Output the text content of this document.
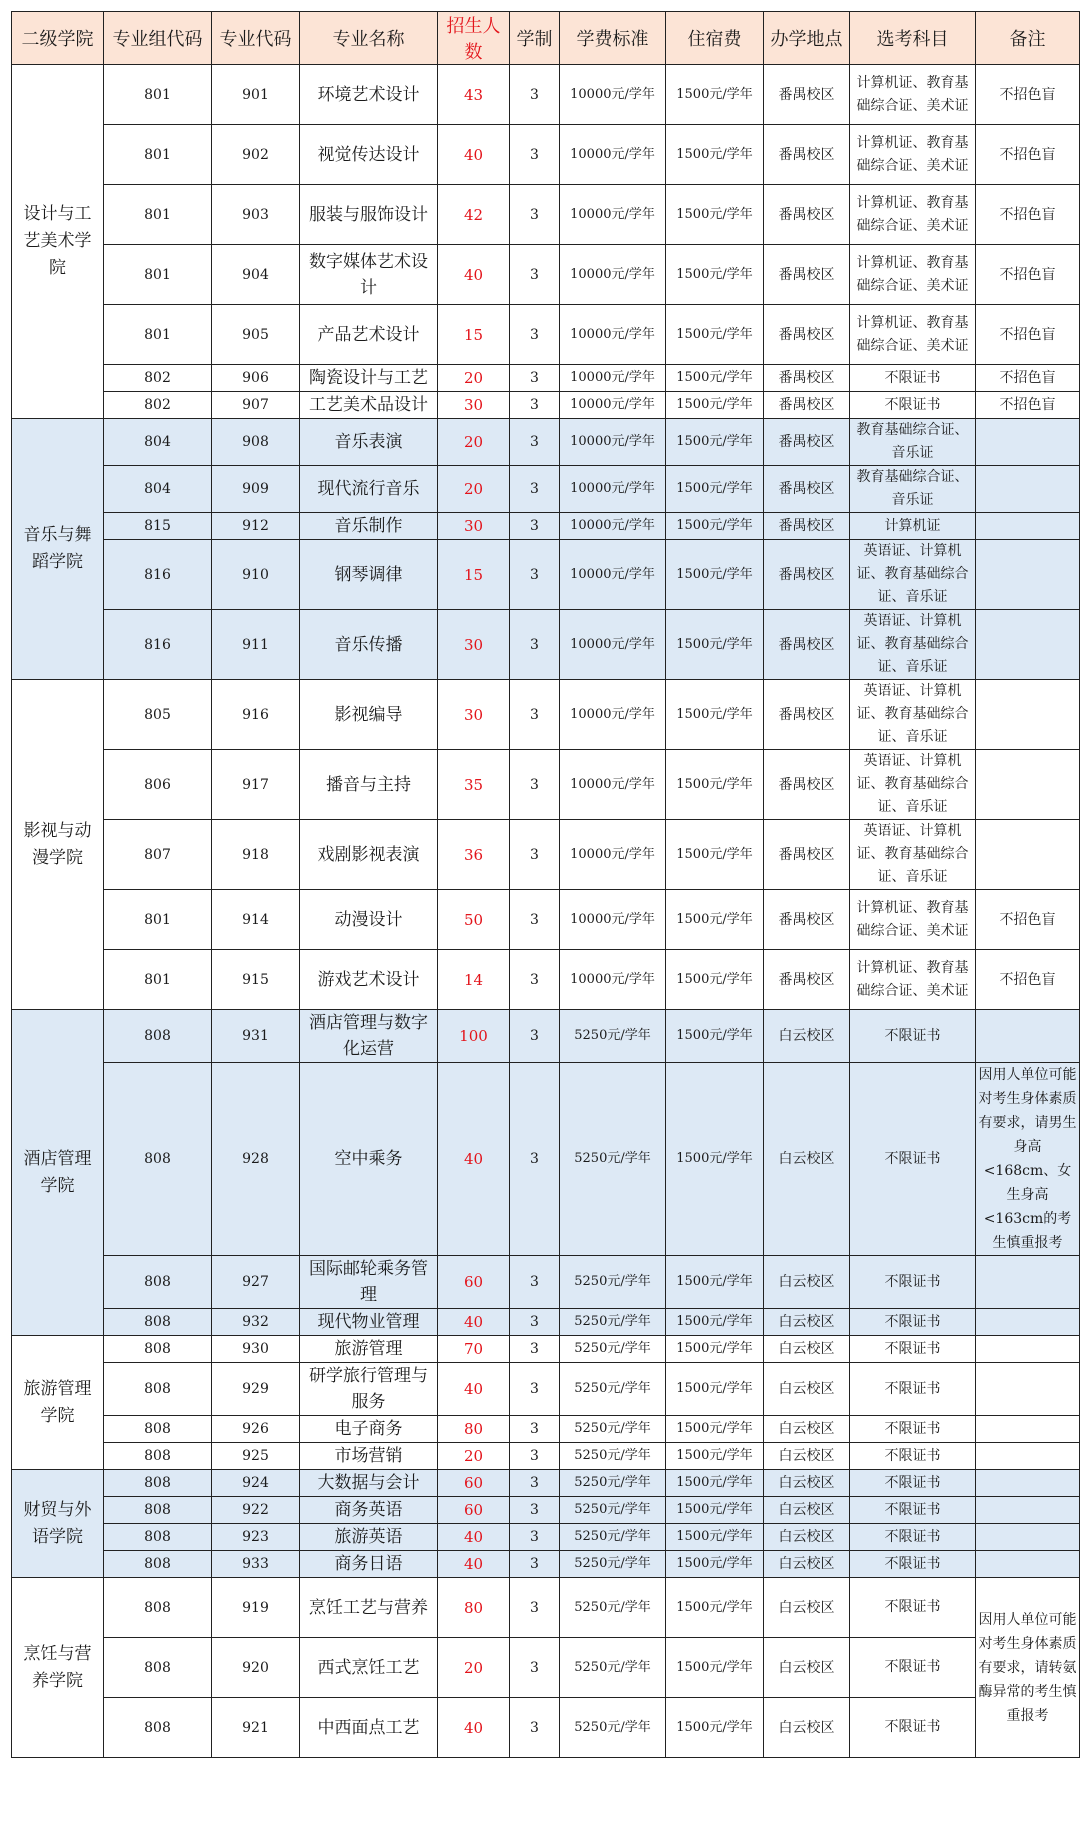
二级学院	专业组代码	专业代码	专业名称	招生人数	学制	学费标准	住宿费	办学地点	选考科目	备注
设计与工艺美术学院	801	901	环境艺术设计	43	3	10000元/学年	1500元/学年	番禺校区	计算机证、教育基础综合证、美术证	不招色盲
	801	902	视觉传达设计	40	3	10000元/学年	1500元/学年	番禺校区	计算机证、教育基础综合证、美术证	不招色盲
	801	903	服装与服饰设计	42	3	10000元/学年	1500元/学年	番禺校区	计算机证、教育基础综合证、美术证	不招色盲
	801	904	数字媒体艺术设计	40	3	10000元/学年	1500元/学年	番禺校区	计算机证、教育基础综合证、美术证	不招色盲
	801	905	产品艺术设计	15	3	10000元/学年	1500元/学年	番禺校区	计算机证、教育基础综合证、美术证	不招色盲
	802	906	陶瓷设计与工艺	20	3	10000元/学年	1500元/学年	番禺校区	不限证书	不招色盲
	802	907	工艺美术品设计	30	3	10000元/学年	1500元/学年	番禺校区	不限证书	不招色盲
音乐与舞蹈学院	804	908	音乐表演	20	3	10000元/学年	1500元/学年	番禺校区	教育基础综合证、音乐证	
	804	909	现代流行音乐	20	3	10000元/学年	1500元/学年	番禺校区	教育基础综合证、音乐证	
	815	912	音乐制作	30	3	10000元/学年	1500元/学年	番禺校区	计算机证	
	816	910	钢琴调律	15	3	10000元/学年	1500元/学年	番禺校区	英语证、计算机证、教育基础综合证、音乐证	
	816	911	音乐传播	30	3	10000元/学年	1500元/学年	番禺校区	英语证、计算机证、教育基础综合证、音乐证	
影视与动漫学院	805	916	影视编导	30	3	10000元/学年	1500元/学年	番禺校区	英语证、计算机证、教育基础综合证、音乐证	
	806	917	播音与主持	35	3	10000元/学年	1500元/学年	番禺校区	英语证、计算机证、教育基础综合证、音乐证	
	807	918	戏剧影视表演	36	3	10000元/学年	1500元/学年	番禺校区	英语证、计算机证、教育基础综合证、音乐证	
	801	914	动漫设计	50	3	10000元/学年	1500元/学年	番禺校区	计算机证、教育基础综合证、美术证	不招色盲
	801	915	游戏艺术设计	14	3	10000元/学年	1500元/学年	番禺校区	计算机证、教育基础综合证、美术证	不招色盲
酒店管理学院	808	931	酒店管理与数字化运营	100	3	5250元/学年	1500元/学年	白云校区	不限证书	
	808	928	空中乘务	40	3	5250元/学年	1500元/学年	白云校区	不限证书	因用人单位可能对考生身体素质有要求，请男生身高<168cm、女生身高<163cm的考生慎重报考
	808	927	国际邮轮乘务管理	60	3	5250元/学年	1500元/学年	白云校区	不限证书	
	808	932	现代物业管理	40	3	5250元/学年	1500元/学年	白云校区	不限证书	
旅游管理学院	808	930	旅游管理	70	3	5250元/学年	1500元/学年	白云校区	不限证书	
	808	929	研学旅行管理与服务	40	3	5250元/学年	1500元/学年	白云校区	不限证书	
	808	926	电子商务	80	3	5250元/学年	1500元/学年	白云校区	不限证书	
	808	925	市场营销	20	3	5250元/学年	1500元/学年	白云校区	不限证书	
财贸与外语学院	808	924	大数据与会计	60	3	5250元/学年	1500元/学年	白云校区	不限证书	
	808	922	商务英语	60	3	5250元/学年	1500元/学年	白云校区	不限证书	
	808	923	旅游英语	40	3	5250元/学年	1500元/学年	白云校区	不限证书	
	808	933	商务日语	40	3	5250元/学年	1500元/学年	白云校区	不限证书	
烹饪与营养学院	808	919	烹饪工艺与营养	80	3	5250元/学年	1500元/学年	白云校区	不限证书	因用人单位可能对考生身体素质有要求，请转氨酶异常的考生慎重报考
	808	920	西式烹饪工艺	20	3	5250元/学年	1500元/学年	白云校区	不限证书	
	808	921	中西面点工艺	40	3	5250元/学年	1500元/学年	白云校区	不限证书	
